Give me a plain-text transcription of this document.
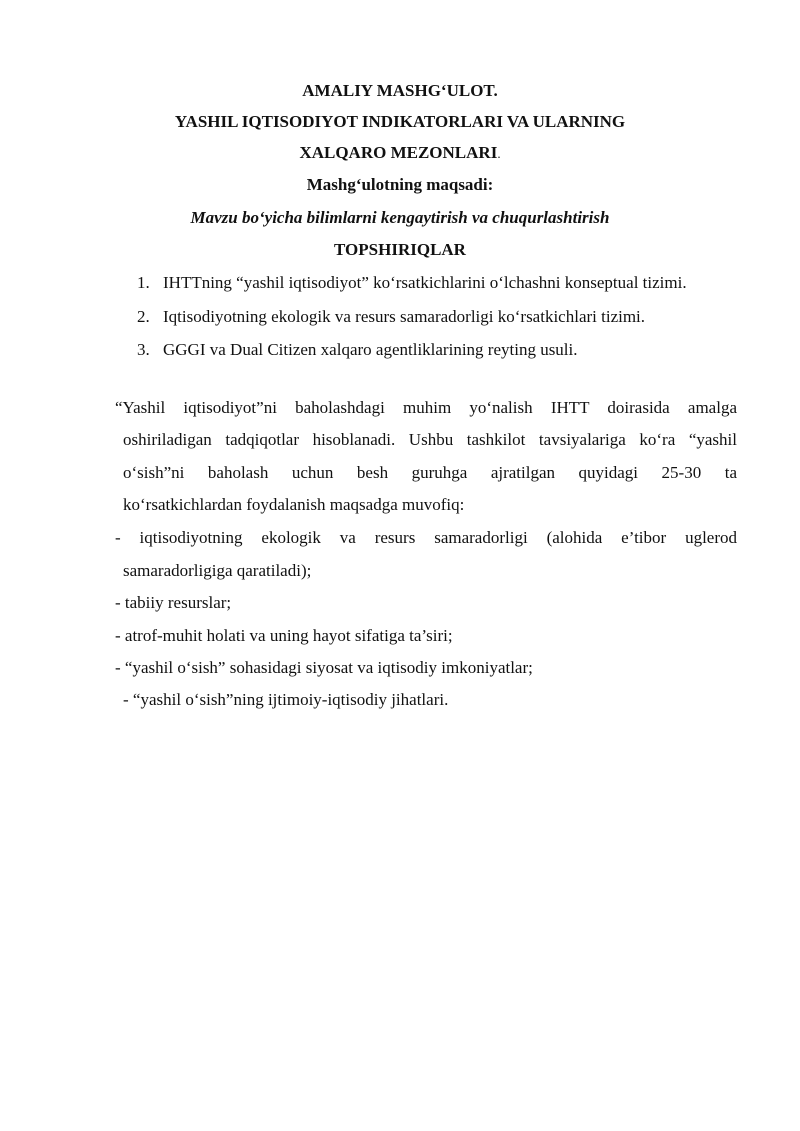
AMALIY MASHG‘ULOT.
YASHIL IQTISODIYOT INDIKATORLARI VA ULARNING
XALQARO MEZONLARI.
Mashg‘ulotning maqsadi:
Mavzu bo‘yicha bilimlarni kengaytirish va chuqurlashtirish
TOPSHIRIQLAR
1. IHTTning “yashil iqtisodiyot” ko‘rsatkichlarini o‘lchashni konseptual tizimi.
2. Iqtisodiyotning ekologik va resurs samaradorligi ko‘rsatkichlari tizimi.
3. GGGI va Dual Citizen xalqaro agentliklarining reyting usuli.
“Yashil iqtisodiyot”ni baholashdagi muhim yo‘nalish IHTT doirasida amalga
oshiriladigan tadqiqotlar hisoblanadi. Ushbu tashkilot tavsiyalariga ko‘ra “yashil
o‘sish”ni baholash uchun besh guruhga ajratilgan quyidagi 25-30 ta
ko‘rsatkichlardan foydalanish maqsadga muvofiq:
- iqtisodiyotning ekologik va resurs samaradorligi (alohida e’tibor uglerod
samaradorligiga qaratiladi);
- tabiiy resurslar;
- atrof-muhit holati va uning hayot sifatiga ta’siri;
- “yashil o‘sish” sohasidagi siyosat va iqtisodiy imkoniyatlar;
- “yashil o‘sish”ning ijtimoiy-iqtisodiy jihatlari.
